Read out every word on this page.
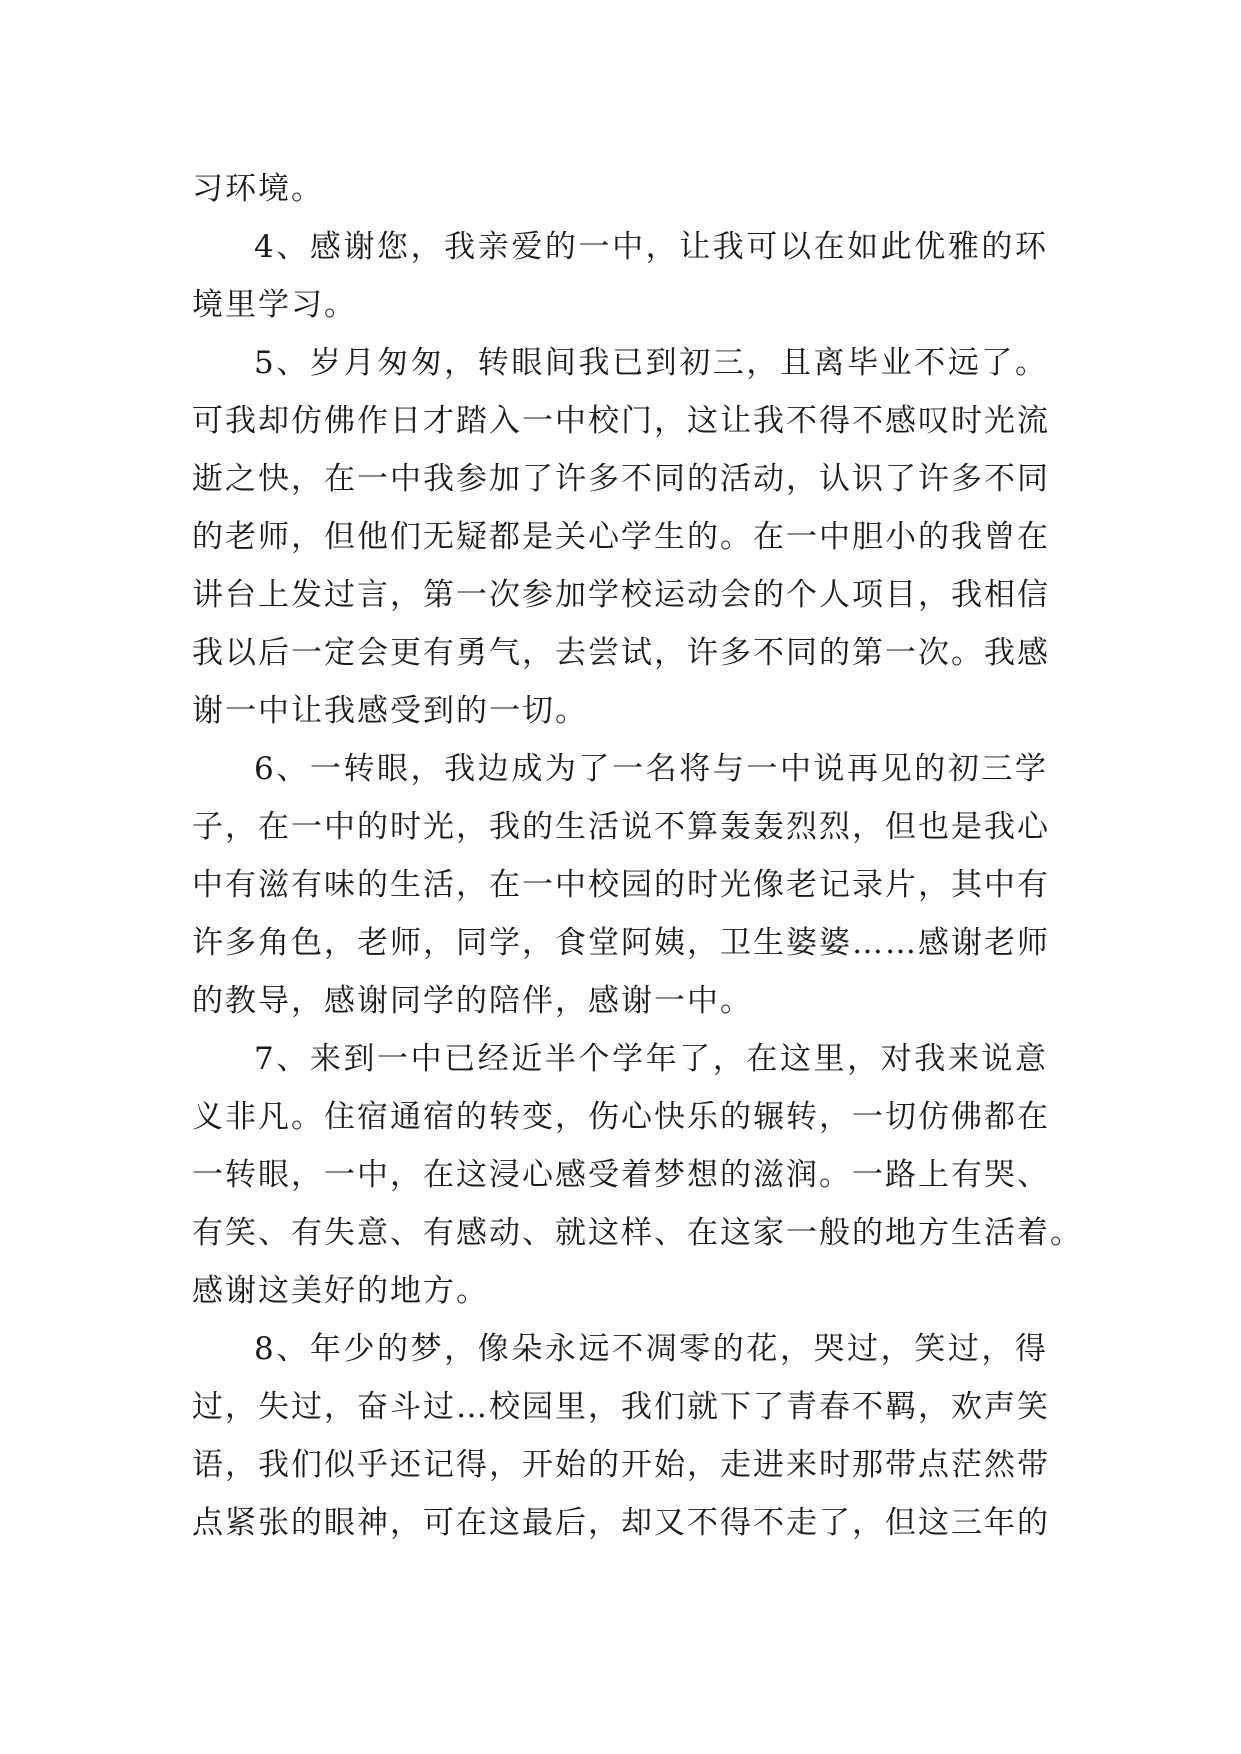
习环境。
4、感谢您，我亲爱的一中，让我可以在如此优雅的环
境里学习。
5、岁月匆匆，转眼间我已到初三，且离毕业不远了。
可我却仿佛作日才踏入一中校门，这让我不得不感叹时光流
逝之快，在一中我参加了许多不同的活动，认识了许多不同
的老师，但他们无疑都是关心学生的。在一中胆小的我曾在
讲台上发过言，第一次参加学校运动会的个人项目，我相信
我以后一定会更有勇气，去尝试，许多不同的第一次。我感
谢一中让我感受到的一切。
6、一转眼，我边成为了一名将与一中说再见的初三学
子，在一中的时光，我的生活说不算轰轰烈烈，但也是我心
中有滋有味的生活，在一中校园的时光像老记录片，其中有
许多角色，老师，同学，食堂阿姨，卫生婆婆……感谢老师
的教导，感谢同学的陪伴，感谢一中。
7、来到一中已经近半个学年了，在这里，对我来说意
义非凡。住宿通宿的转变，伤心快乐的辗转，一切仿佛都在
一转眼，一中，在这浸心感受着梦想的滋润。一路上有哭、
有笑、有失意、有感动、就这样、在这家一般的地方生活着。
感谢这美好的地方。
8、年少的梦，像朵永远不凋零的花，哭过，笑过，得
过，失过，奋斗过…校园里，我们就下了青春不羁，欢声笑
语，我们似乎还记得，开始的开始，走进来时那带点茫然带
点紧张的眼神，可在这最后，却又不得不走了，但这三年的
